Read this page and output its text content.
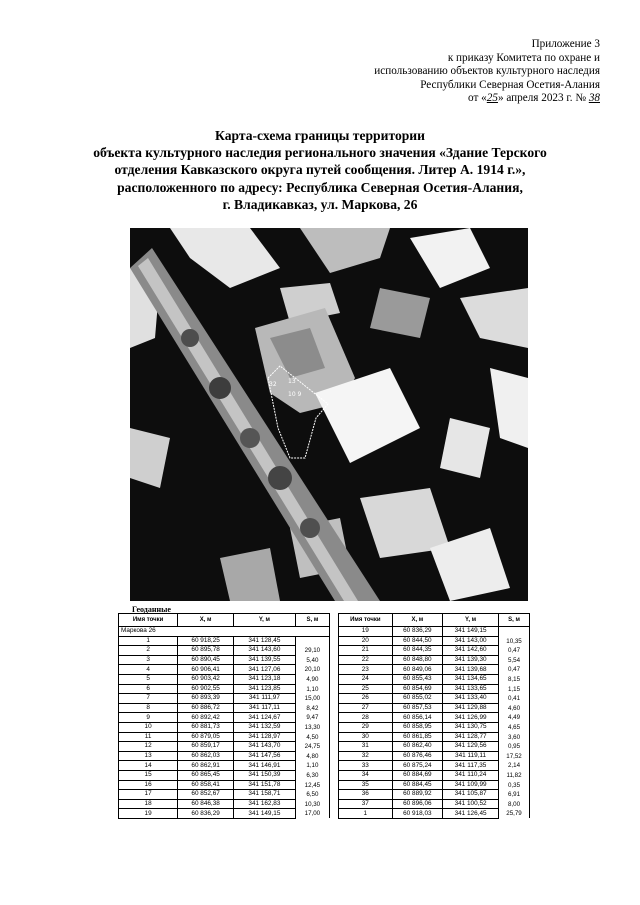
Приложение 3
к приказу Комитета по охране и
использованию объектов культурного наследия
Республики Северная Осетия-Алания
от «25» апреля 2023 г. № 38
Карта-схема границы территории
объекта культурного наследия регионального значения «Здание Терского
отделения Кавказского округа путей сообщения. Литер А. 1914 г.»,
расположенного по адресу: Республика Северная Осетия-Алания,
г. Владикавказ, ул. Маркова, 26
32 13
10 9
Геоданные
Имя точки	X, м	Y, м	S, м
Маркова 26			
1	60 918,25	341 128,45	
2	60 895,78	341 143,60	29,10
3	60 890,45	341 139,55	5,40
4	60 906,41	341 127,06	20,10
5	60 903,42	341 123,18	4,90
6	60 902,55	341 123,85	1,10
7	60 893,39	341 111,97	15,00
8	60 886,72	341 117,11	8,42
9	60 892,42	341 124,67	9,47
10	60 881,73	341 132,59	13,30
11	60 879,05	341 128,97	4,50
12	60 859,17	341 143,70	24,75
13	60 862,03	341 147,56	4,80
14	60 862,91	341 146,91	1,10
15	60 865,45	341 150,39	6,30
16	60 858,41	341 151,78	12,45
17	60 852,67	341 158,71	6,50
18	60 846,38	341 162,83	10,30
19	60 836,29	341 149,15	17,00
Имя точки	X, м	Y, м	S, м
19	60 836,29	341 149,15	
20	60 844,50	341 143,00	10,35
21	60 844,35	341 142,60	0,47
22	60 848,80	341 139,30	5,54
23	60 849,06	341 139,68	0,47
24	60 855,43	341 134,65	8,15
25	60 854,69	341 133,65	1,15
26	60 855,02	341 133,40	0,41
27	60 857,53	341 129,88	4,60
28	60 856,14	341 126,99	4,49
29	60 858,95	341 130,75	4,65
30	60 861,85	341 128,77	3,60
31	60 862,40	341 129,56	0,95
32	60 876,46	341 119,11	17,52
33	60 875,24	341 117,35	2,14
34	60 884,69	341 110,24	11,82
35	60 884,45	341 109,99	0,35
36	60 889,92	341 105,87	6,91
37	60 896,06	341 100,52	8,00
1	60 918,03	341 126,45	25,79
